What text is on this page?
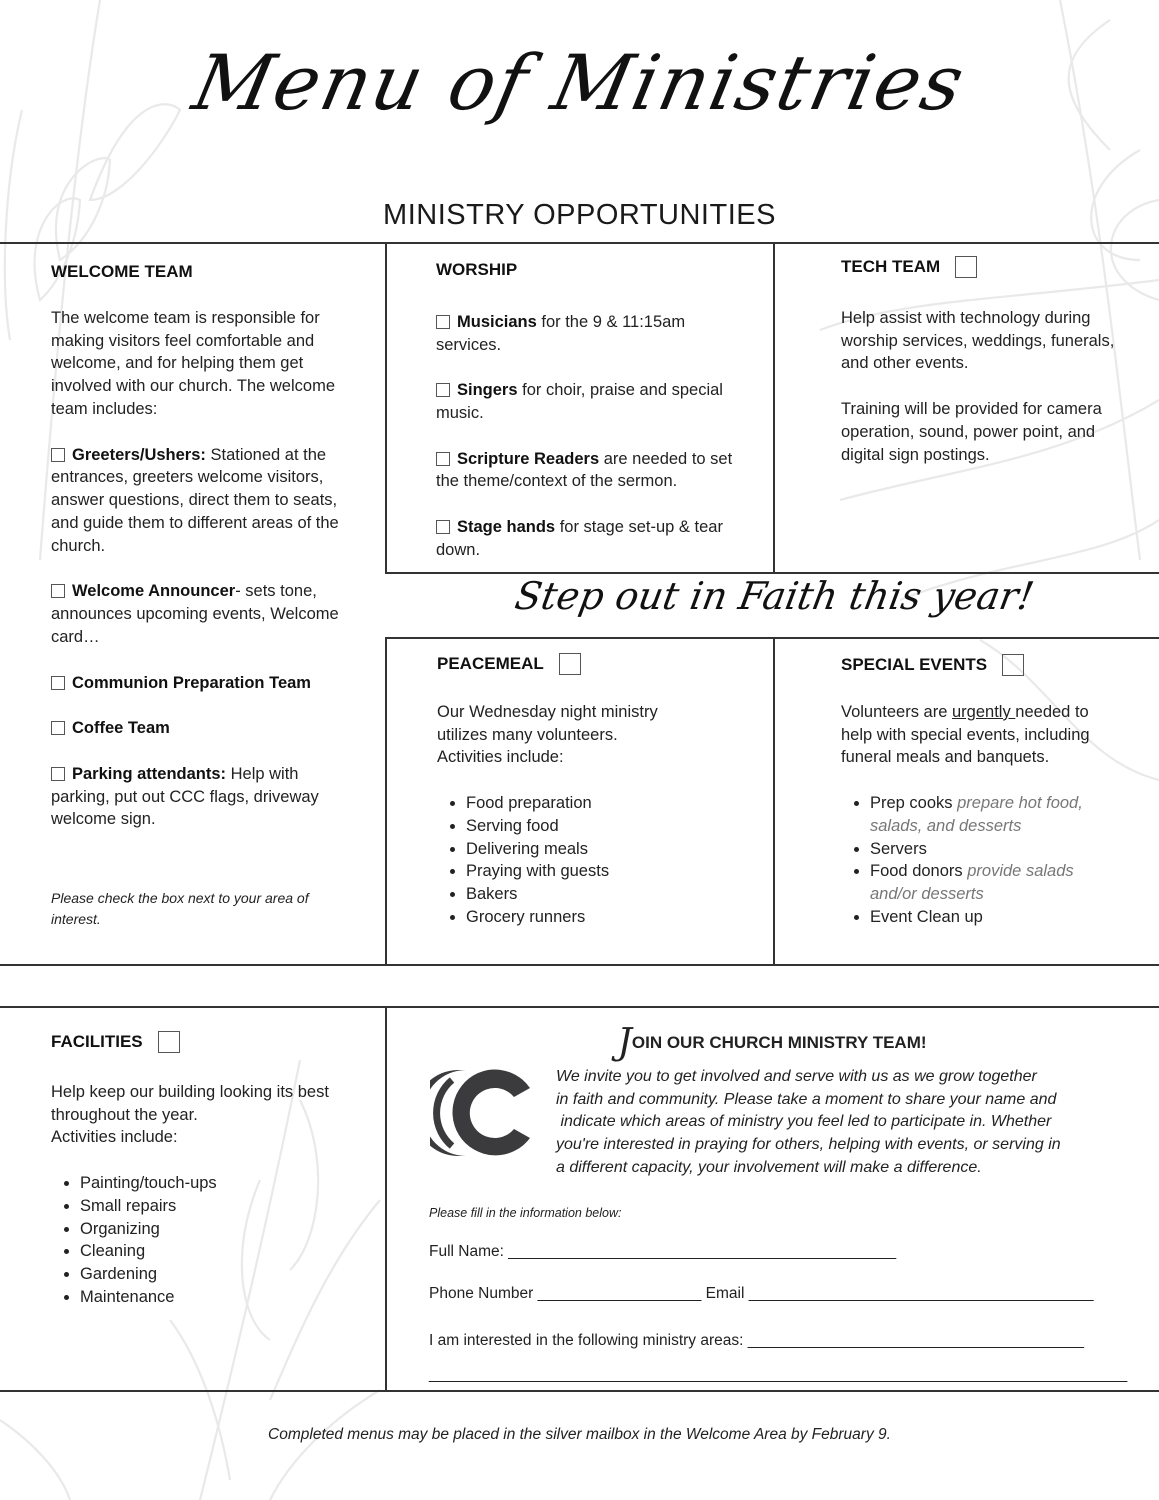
Menu of Ministries
MINISTRY OPPORTUNITIES
WELCOME TEAM

The welcome team is responsible for making visitors feel comfortable and welcome, and for helping them get involved with our church. The welcome team includes:

Greeters/Ushers: Stationed at the entrances, greeters welcome visitors, answer questions, direct them to seats, and guide them to different areas of the church.

Welcome Announcer- sets tone, announces upcoming events, Welcome card…

Communion Preparation Team

Coffee Team

Parking attendants: Help with parking, put out CCC flags, driveway welcome sign.

Please check the box next to your area of interest.
WORSHIP

Musicians for the 9 & 11:15am services.

Singers for choir, praise and special music.

Scripture Readers are needed to set the theme/context of the sermon.

Stage hands for stage set-up & tear down.

TECH TEAM

Help assist with technology during worship services, weddings, funerals, and other events.

Training will be provided for camera operation, sound, power point, and digital sign postings.

Step out in Faith this year!
PEACEMEAL

Our Wednesday night ministry

utilizes many volunteers.

Activities include:

• Food preparation
• Serving food
• Delivering meals
• Praying with guests
• Bakers
• Grocery runners
SPECIAL EVENTS

Volunteers are urgently needed to help with special events, including funeral meals and banquets.

• Prep cooks prepare hot food, salads, and desserts
• Servers
• Food donors provide salads and/or desserts
• Event Clean up
FACILITIES

Help keep our building looking its best

throughout the year.

Activities include:

• Painting/touch-ups
• Small repairs
• Organizing
• Cleaning
• Gardening
• Maintenance
JOIN OUR CHURCH MINISTRY TEAM!
We invite you to get involved and serve with us as we grow together
in faith and community. Please take a moment to share your name and
indicate which areas of ministry you feel led to participate in. Whether
you're interested in praying for others, helping with events, or serving in
a different capacity, your involvement will make a difference.
Please fill in the information below:
Full Name: _____________________________________________
Phone Number ___________________ Email ________________________________________
I am interested in the following ministry areas: _______________________________________
_________________________________________________________________________________
Completed menus may be placed in the silver mailbox in the Welcome Area by February 9.
